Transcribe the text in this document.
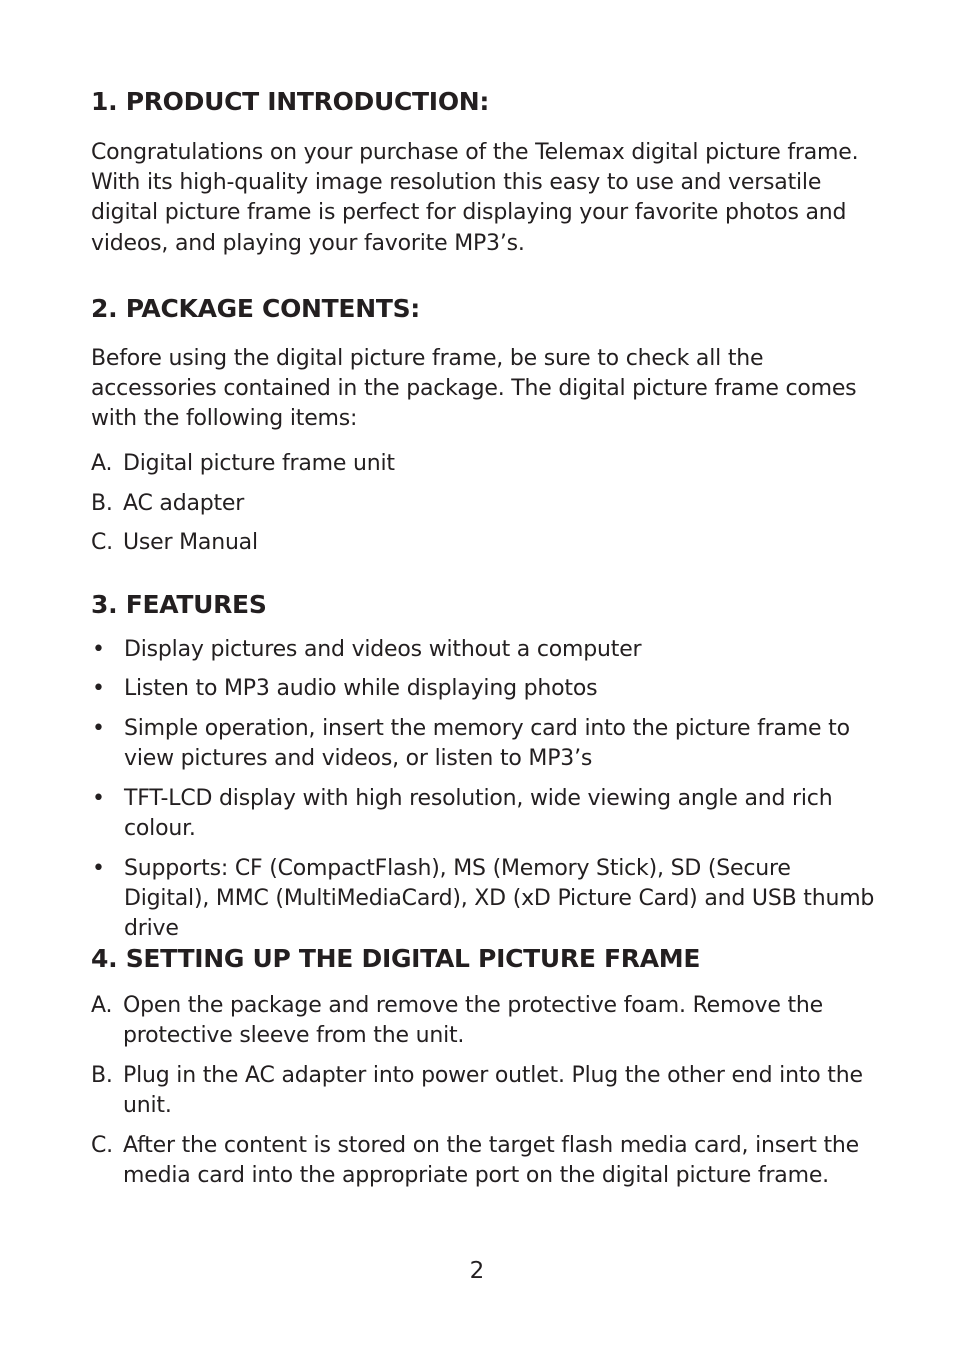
1. PRODUCT INTRODUCTION:

Congratulations on your purchase of the Telemax digital picture frame. With its high-quality image resolution this easy to use and versatile digital picture frame is perfect for displaying your favorite photos and videos, and playing your favorite MP3’s.

2. PACKAGE CONTENTS:

Before using the digital picture frame, be sure to check all the accessories contained in the package. The digital picture frame comes with the following items:

A. Digital picture frame unit
B. AC adapter
C. User Manual
3. FEATURES
• Display pictures and videos without a computer
• Listen to MP3 audio while displaying photos
• Simple operation, insert the memory card into the picture frame to view pictures and videos, or listen to MP3’s
• TFT-LCD display with high resolution, wide viewing angle and rich colour.
• Supports: CF (CompactFlash), MS (Memory Stick), SD (Secure Digital), MMC (MultiMediaCard), XD (xD Picture Card) and USB thumb drive
4. SETTING UP THE DIGITAL PICTURE FRAME
A. Open the package and remove the protective foam. Remove the protective sleeve from the unit.
B. Plug in the AC adapter into power outlet. Plug the other end into the unit.
C. After the content is stored on the target flash media card, insert the media card into the appropriate port on the digital picture frame.

2
